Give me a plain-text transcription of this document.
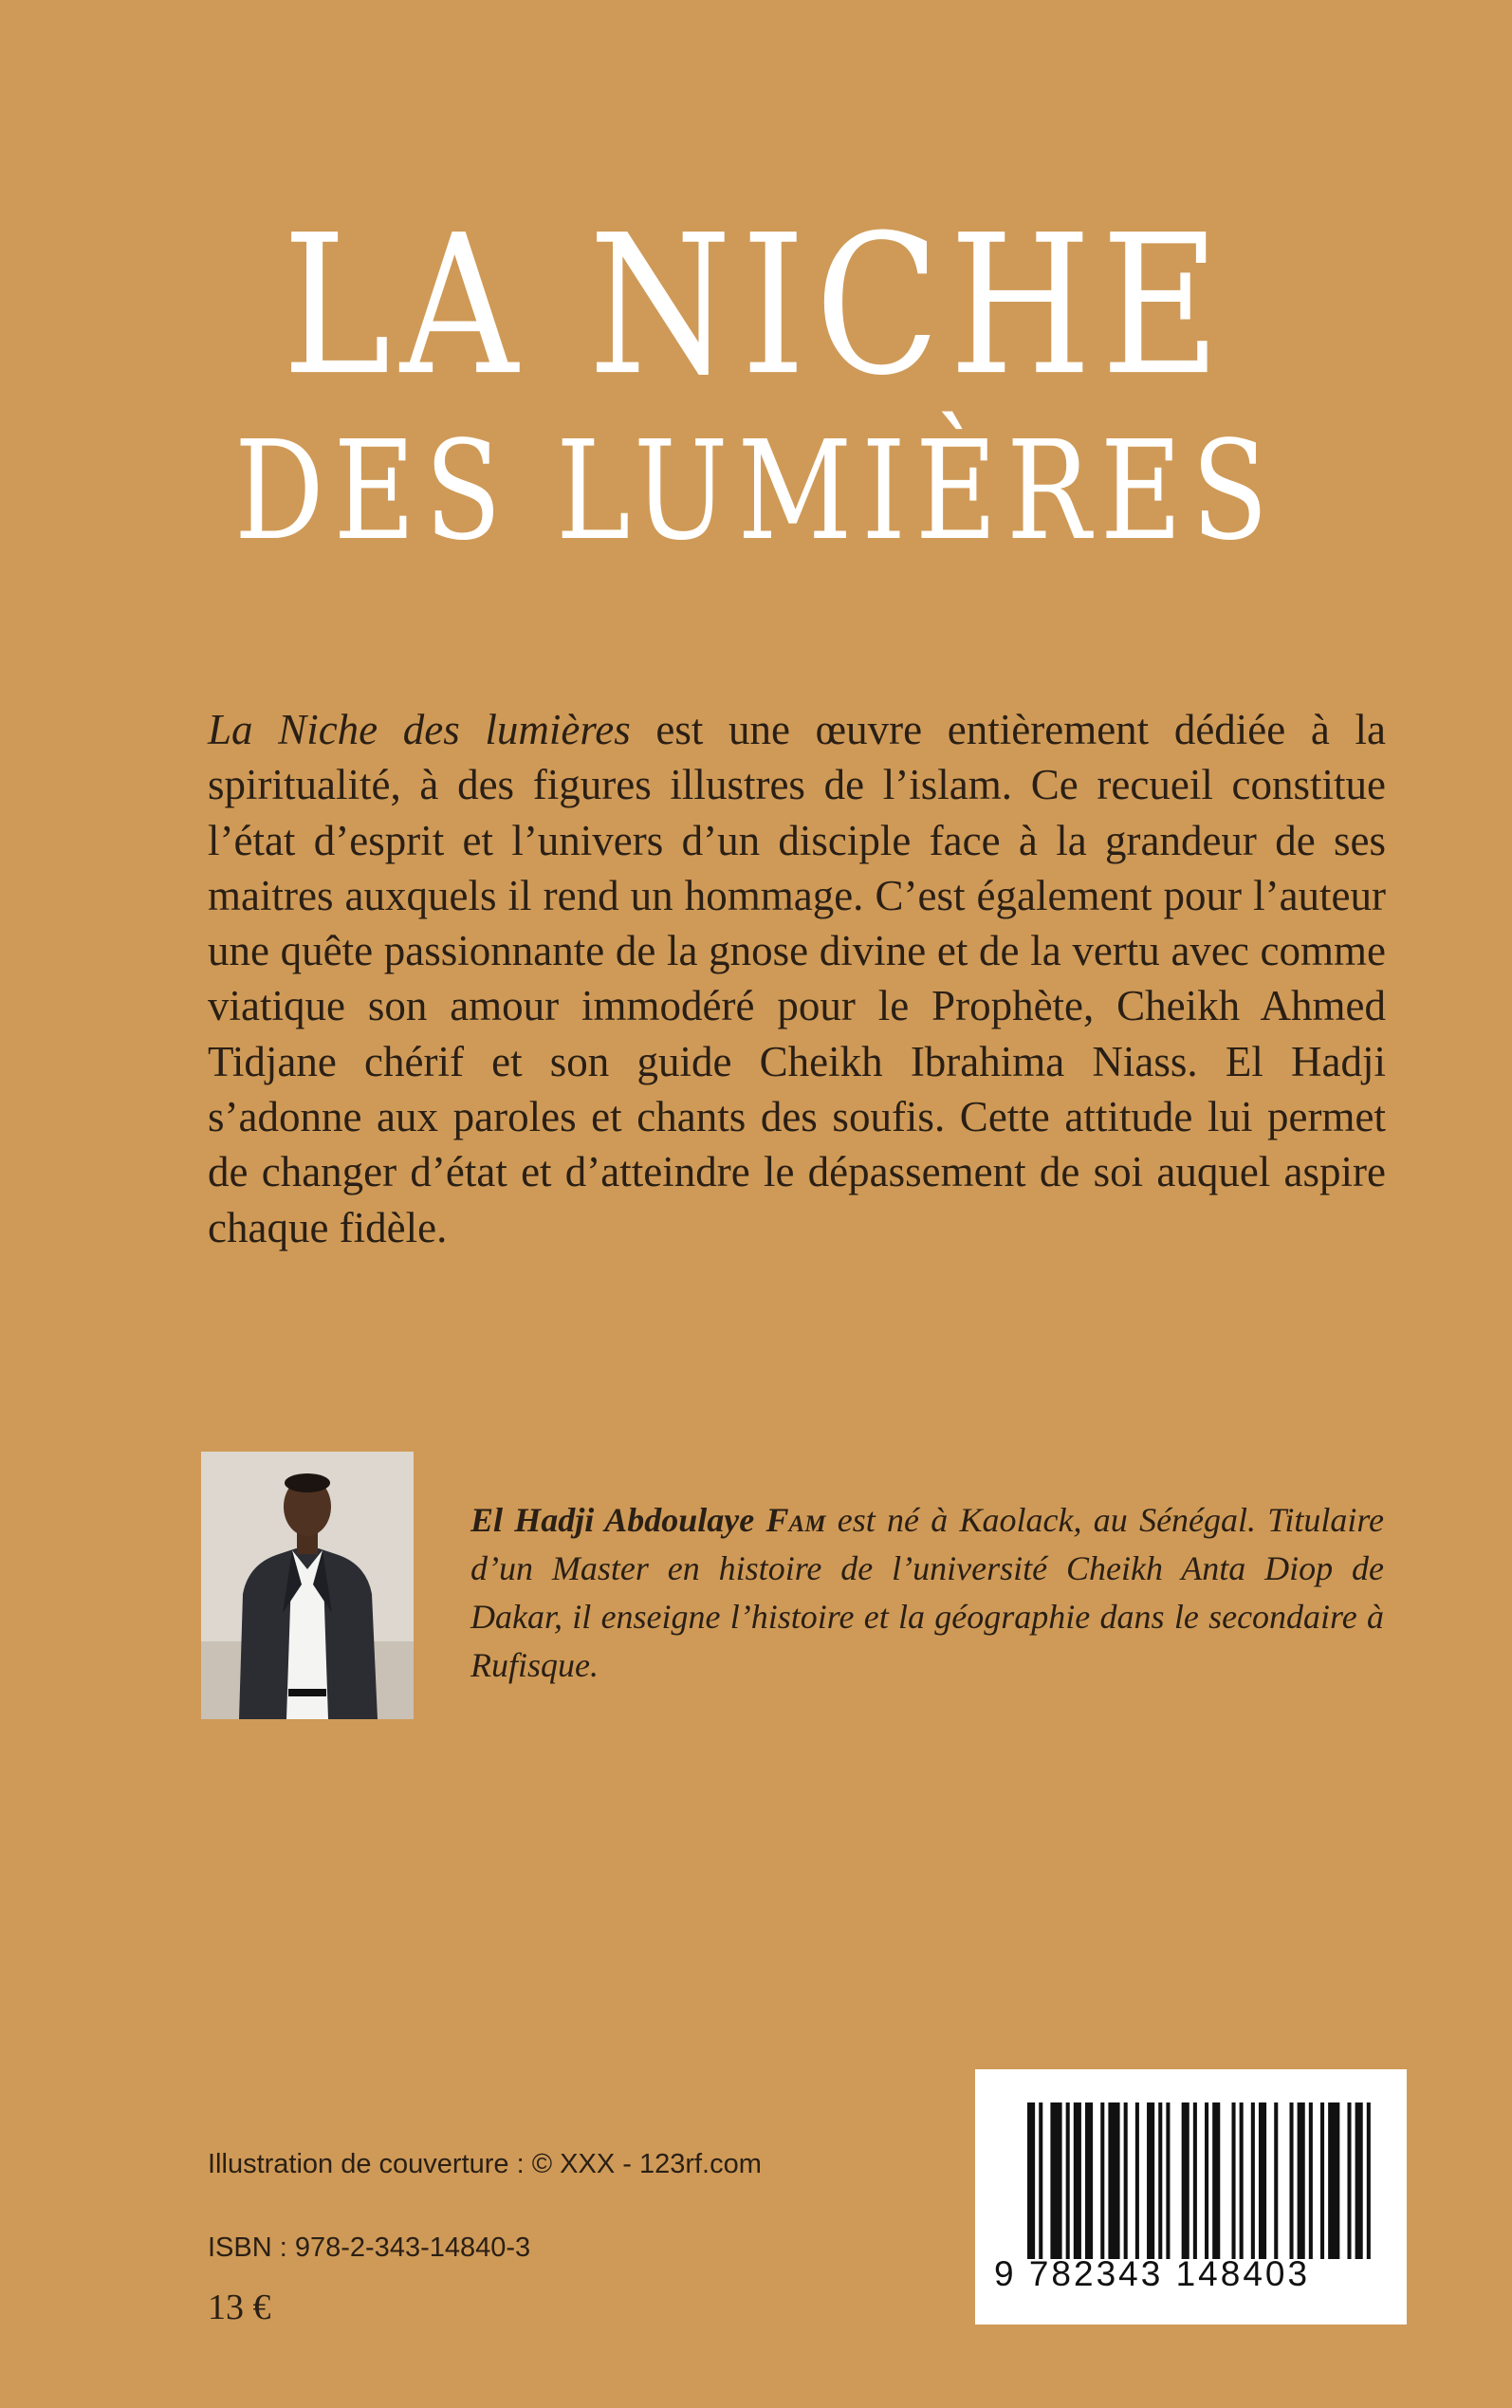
LA NICHE
DES LUMIÈRES

La Niche des lumières est une œuvre entièrement dédiée à la spiritualité, à des figures illustres de l’islam. Ce recueil constitue l’état d’esprit et l’univers d’un disciple face à la grandeur de ses maitres auxquels il rend un hommage. C’est également pour l’auteur une quête passionnante de la gnose divine et de la vertu avec comme viatique son amour immodéré pour le Prophète, Cheikh Ahmed Tidjane chérif et son guide Cheikh Ibrahima Niass. El Hadji s’adonne aux paroles et chants des soufis. Cette attitude lui permet de changer d’état et d’atteindre le dépassement de soi auquel aspire chaque fidèle.

El Hadji Abdoulaye Fam est né à Kaolack, au Sénégal. Titulaire d’un Master en histoire de l’université Cheikh Anta Diop de Dakar, il enseigne l’histoire et la géographie dans le secondaire à Rufisque.

Illustration de couverture : © XXX - 123rf.com
ISBN : 978-2-343-14840-3
13 €
9 782343 148403
